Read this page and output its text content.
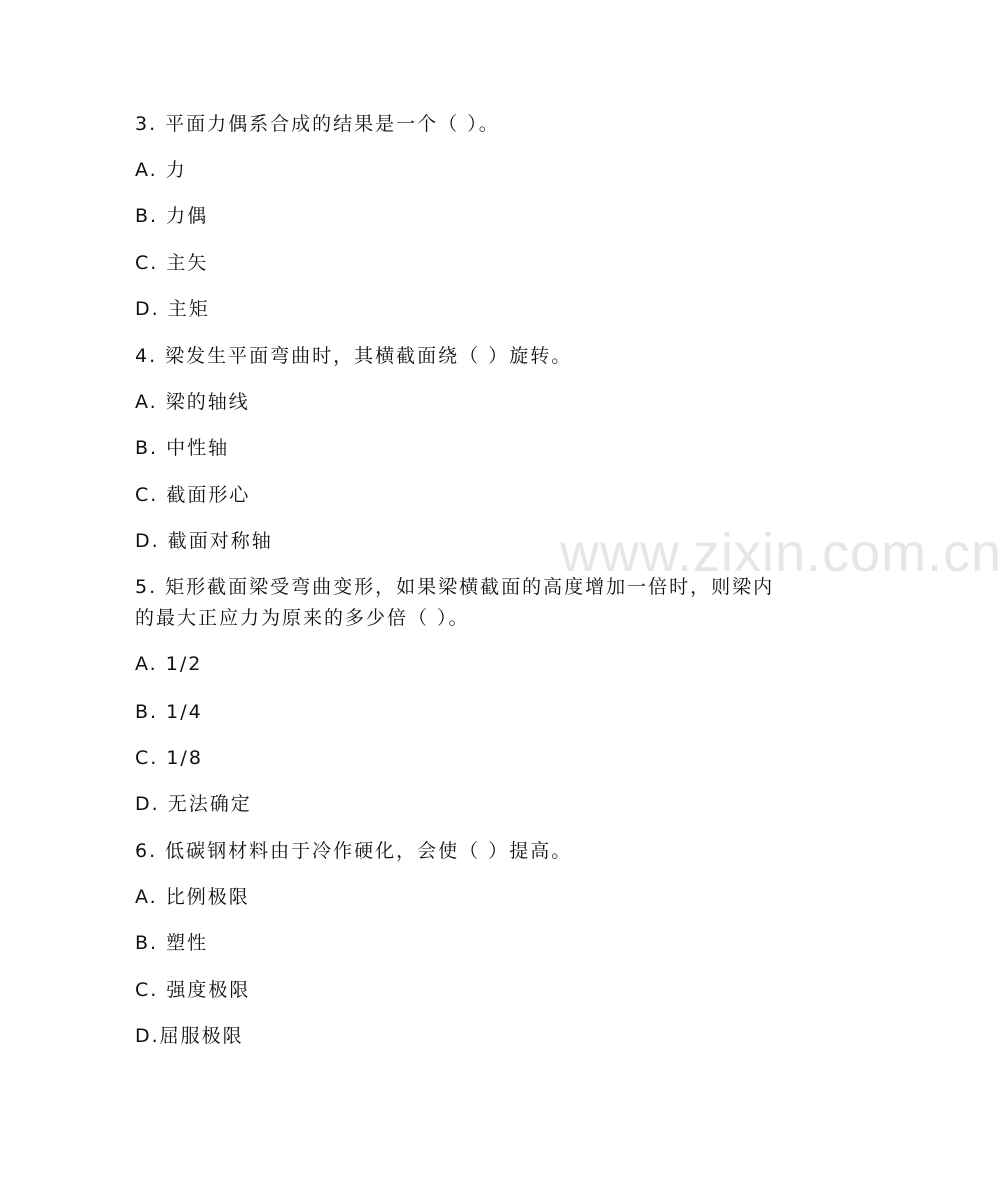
www.zixin.com.cn
3. 平面力偶系合成的结果是一个（ ）。
A. 力
B. 力偶
C. 主矢
D. 主矩
4. 梁发生平面弯曲时，其横截面绕（ ）旋转。
A. 梁的轴线
B. 中性轴
C. 截面形心
D. 截面对称轴
5. 矩形截面梁受弯曲变形，如果梁横截面的高度增加一倍时，则梁内
的最大正应力为原来的多少倍（ ）。
A. 1/2
B. 1/4
C. 1/8
D. 无法确定
6. 低碳钢材料由于冷作硬化，会使（ ）提高。
A. 比例极限
B. 塑性
C. 强度极限
D.屈服极限
